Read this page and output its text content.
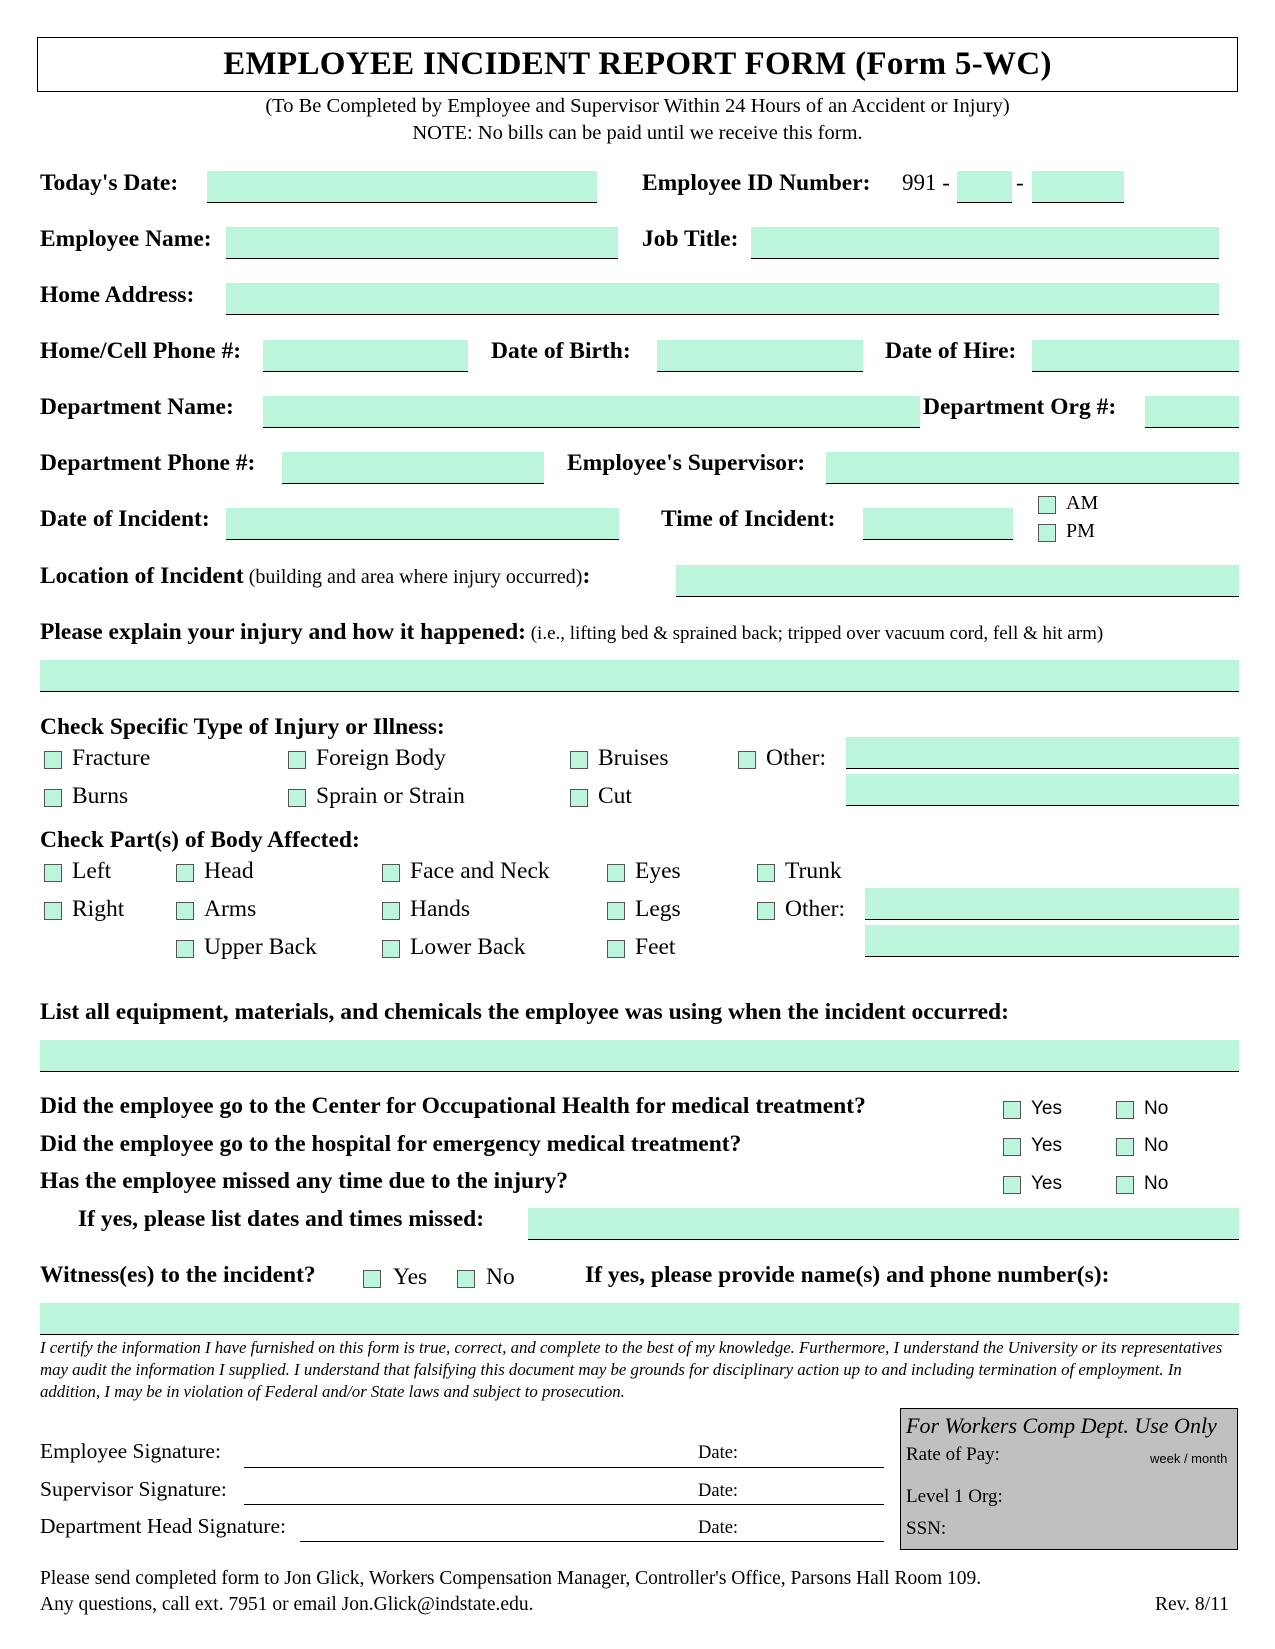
EMPLOYEE INCIDENT REPORT FORM (Form 5-WC)
(To Be Completed by Employee and Supervisor Within 24 Hours of an Accident or Injury)
NOTE: No bills can be paid until we receive this form.
Today's Date:	Employee ID Number: 991 -	-
Employee Name:	Job Title:
Home Address:
Home/Cell Phone #:	Date of Birth:	Date of Hire:
Department Name:	Department Org #:
Department Phone #:	Employee's Supervisor:
Date of Incident:	Time of Incident:
AM
PM
Location of Incident (building and area where injury occurred):
Please explain your injury and how it happened: (i.e., lifting bed & sprained back; tripped over vacuum cord, fell & hit arm)
Check Specific Type of Injury or Illness:
Fracture	Foreign Body	Bruises	Other:
Burns	Sprain or Strain	Cut
Check Part(s) of Body Affected:
Left	Head	Face and Neck	Eyes	Trunk
Right	Arms	Hands	Legs	Other:
Upper Back	Lower Back	Feet
List all equipment, materials, and chemicals the employee was using when the incident occurred:
Did the employee go to the Center for Occupational Health for medical treatment?	Yes	No
Did the employee go to the hospital for emergency medical treatment?	Yes	No
Has the employee missed any time due to the injury?	Yes	No
If yes, please list dates and times missed:
Witness(es) to the incident?	Yes	No	If yes, please provide name(s) and phone number(s):
I certify the information I have furnished on this form is true, correct, and complete to the best of my knowledge. Furthermore, I understand the University or its representatives may audit the information I supplied. I understand that falsifying this document may be grounds for disciplinary action up to and including termination of employment. In addition, I may be in violation of Federal and/or State laws and subject to prosecution.
Employee Signature:	Date:
Supervisor Signature:	Date:
Department Head Signature:	Date:
For Workers Comp Dept. Use Only
Rate of Pay:	week / month
Level 1 Org:
SSN:
Please send completed form to Jon Glick, Workers Compensation Manager, Controller's Office, Parsons Hall Room 109.
Any questions, call ext. 7951 or email Jon.Glick@indstate.edu.	Rev. 8/11
